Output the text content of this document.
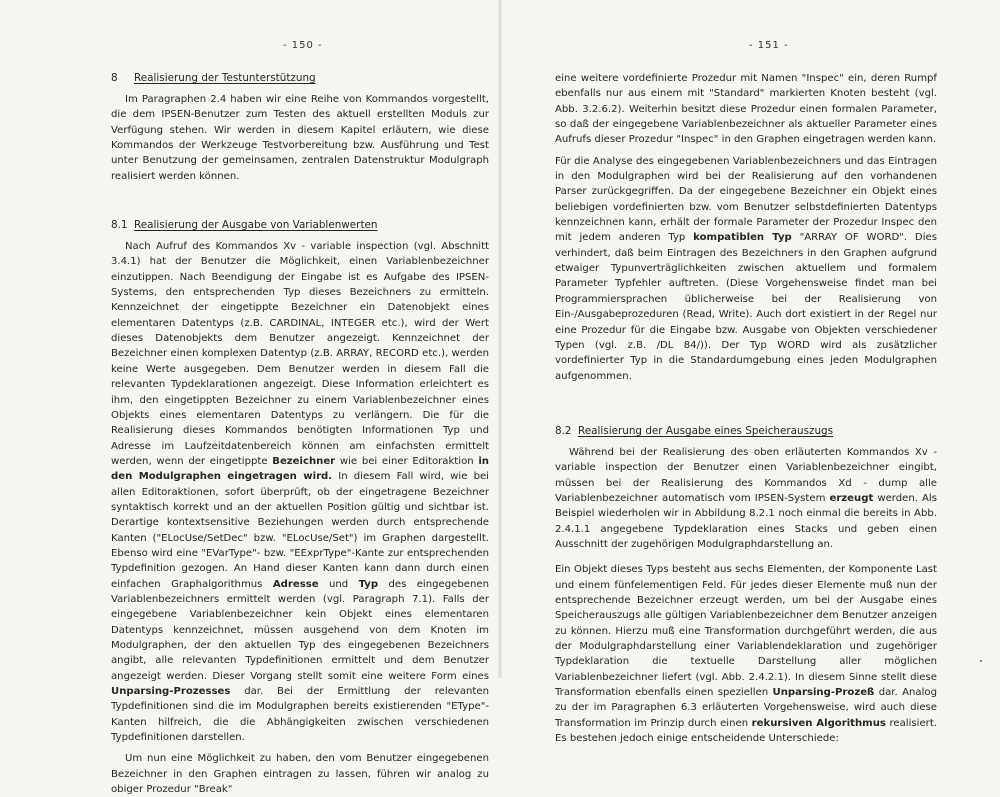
- 150 -
8 Realisierung der Testunterstützung

Im Paragraphen 2.4 haben wir eine Reihe von Kommandos vorgestellt, die dem IPSEN-Benutzer zum Testen des aktuell erstellten Moduls zur Verfügung stehen. Wir werden in diesem Kapitel erläutern, wie diese Kommandos der Werkzeuge Testvorbereitung bzw. Ausführung und Test unter Benutzung der gemeinsamen, zentralen Datenstruktur Modulgraph realisiert werden können.

8.1 Realisierung der Ausgabe von Variablenwerten

Nach Aufruf des Kommandos Xv - variable inspection (vgl. Abschnitt 3.4.1) hat der Benutzer die Möglichkeit, einen Variablenbezeichner einzutippen. Nach Beendigung der Eingabe ist es Aufgabe des IPSEN-Systems, den entsprechenden Typ dieses Bezeichners zu ermitteln. Kennzeichnet der eingetippte Bezeichner ein Datenobjekt eines elementaren Datentyps (z.B. CARDINAL, INTEGER etc.), wird der Wert dieses Datenobjekts dem Benutzer angezeigt. Kennzeichnet der Bezeichner einen komplexen Datentyp (z.B. ARRAY, RECORD etc.), werden keine Werte ausgegeben. Dem Benutzer werden in diesem Fall die relevanten Typdeklarationen angezeigt. Diese Information erleichtert es ihm, den eingetippten Bezeichner zu einem Variablenbezeichner eines Objekts eines elementaren Datentyps zu verlängern. Die für die Realisierung dieses Kommandos benötigten Informationen Typ und Adresse im Laufzeitdatenbereich können am einfachsten ermittelt werden, wenn der eingetippte Bezeichner wie bei einer Editoraktion in den Modulgraphen eingetragen wird. In diesem Fall wird, wie bei allen Editoraktionen, sofort überprüft, ob der eingetragene Bezeichner syntaktisch korrekt und an der aktuellen Position gültig und sichtbar ist. Derartige kontextsensitive Beziehungen werden durch entsprechende Kanten ("ELocUse/SetDec" bzw. "ELocUse/Set") im Graphen dargestellt. Ebenso wird eine "EVarType"- bzw. "EExprType"-Kante zur entsprechenden Typdefinition gezogen. An Hand dieser Kanten kann dann durch einen einfachen Graphalgorithmus Adresse und Typ des eingegebenen Variablenbezeichners ermittelt werden (vgl. Paragraph 7.1). Falls der eingegebene Variablenbezeichner kein Objekt eines elementaren Datentyps kennzeichnet, müssen ausgehend von dem Knoten im Modulgraphen, der den aktuellen Typ des eingegebenen Bezeichners angibt, alle relevanten Typdefinitionen ermittelt und dem Benutzer angezeigt werden. Dieser Vorgang stellt somit eine weitere Form eines Unparsing-Prozesses dar. Bei der Ermittlung der relevanten Typdefinitionen sind die im Modulgraphen bereits existierenden "EType"-Kanten hilfreich, die die Abhängigkeiten zwischen verschiedenen Typdefinitionen darstellen.

Um nun eine Möglichkeit zu haben, den vom Benutzer eingegebenen Bezeichner in den Graphen eintragen zu lassen, führen wir analog zu obiger Prozedur "Break"

- 151 -

eine weitere vordefinierte Prozedur mit Namen "Inspec" ein, deren Rumpf ebenfalls nur aus einem mit "Standard" markierten Knoten besteht (vgl. Abb. 3.2.6.2). Weiterhin besitzt diese Prozedur einen formalen Parameter, so daß der eingegebene Variablenbezeichner als aktueller Parameter eines Aufrufs dieser Prozedur "Inspec" in den Graphen eingetragen werden kann.

Für die Analyse des eingegebenen Variablenbezeichners und das Eintragen in den Modulgraphen wird bei der Realisierung auf den vorhandenen Parser zurückgegriffen. Da der eingegebene Bezeichner ein Objekt eines beliebigen vordefinierten bzw. vom Benutzer selbstdefinierten Datentyps kennzeichnen kann, erhält der formale Parameter der Prozedur Inspec den mit jedem anderen Typ kompatiblen Typ "ARRAY OF WORD". Dies verhindert, daß beim Eintragen des Bezeichners in den Graphen aufgrund etwaiger Typunverträglichkeiten zwischen aktuellem und formalem Parameter Typfehler auftreten. (Diese Vorgehensweise findet man bei Programmiersprachen üblicherweise bei der Realisierung von Ein-/Ausgabeprozeduren (Read, Write). Auch dort existiert in der Regel nur eine Prozedur für die Eingabe bzw. Ausgabe von Objekten verschiedener Typen (vgl. z.B. /DL 84/)). Der Typ WORD wird als zusätzlicher vordefinierter Typ in die Standardumgebung eines jeden Modulgraphen aufgenommen.

8.2 Realisierung der Ausgabe eines Speicherauszugs

Während bei der Realisierung des oben erläuterten Kommandos Xv - variable inspection der Benutzer einen Variablenbezeichner eingibt, müssen bei der Realisierung des Kommandos Xd - dump alle Variablenbezeichner automatisch vom IPSEN-System erzeugt werden. Als Beispiel wiederholen wir in Abbildung 8.2.1 noch einmal die bereits in Abb. 2.4.1.1 angegebene Typdeklaration eines Stacks und geben einen Ausschnitt der zugehörigen Modulgraphdarstellung an.

Ein Objekt dieses Typs besteht aus sechs Elementen, der Komponente Last und einem fünfelementigen Feld. Für jedes dieser Elemente muß nun der entsprechende Bezeichner erzeugt werden, um bei der Ausgabe eines Speicherauszugs alle gültigen Variablenbezeichner dem Benutzer anzeigen zu können. Hierzu muß eine Transformation durchgeführt werden, die aus der Modulgraphdarstellung einer Variablendeklaration und zugehöriger Typdeklaration die textuelle Darstellung aller möglichen Variablenbezeichner liefert (vgl. Abb. 2.4.2.1). In diesem Sinne stellt diese Transformation ebenfalls einen speziellen Unparsing-Prozeß dar. Analog zu der im Paragraphen 6.3 erläuterten Vorgehensweise, wird auch diese Transformation im Prinzip durch einen rekursiven Algorithmus realisiert. Es bestehen jedoch einige entscheidende Unterschiede:
